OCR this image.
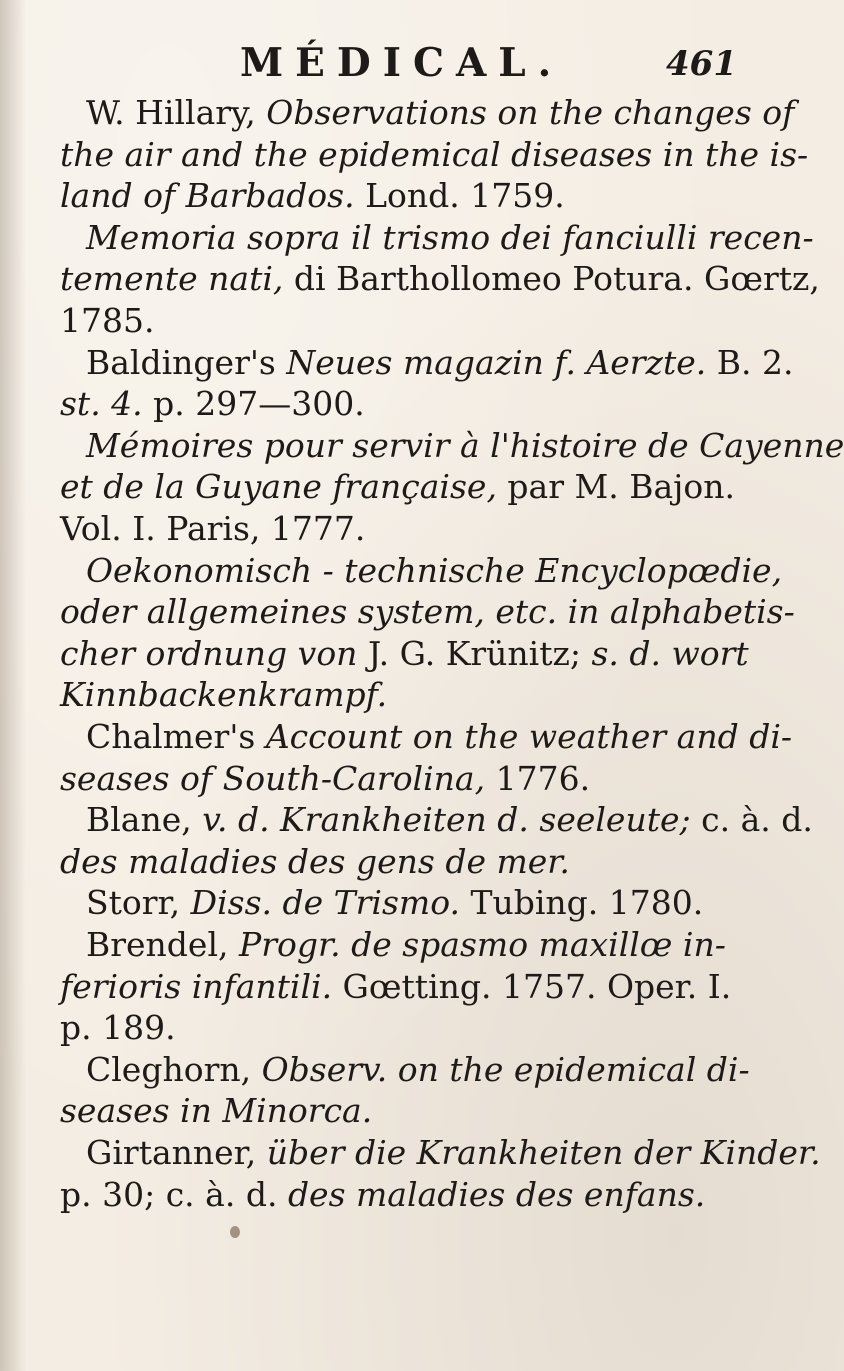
MÉDICAL.	461
W. Hillary, Observations on the changes of
the air and the epidemical diseases in the is-
land of Barbados. Lond. 1759.
Memoria sopra il trismo dei fanciulli recen-
temente nati, di Barthollomeo Potura. Gœrtz,
1785.
Baldinger's Neues magazin f. Aerzte. B. 2.
st. 4. p. 297—300.
Mémoires pour servir à l'histoire de Cayenne
et de la Guyane française, par M. Bajon.
Vol. I. Paris, 1777.
Oekonomisch - technische Encyclopœdie,
oder allgemeines system, etc. in alphabetis-
cher ordnung von J. G. Krünitz; s. d. wort
Kinnbackenkrampf.
Chalmer's Account on the weather and di-
seases of South-Carolina, 1776.
Blane, v. d. Krankheiten d. seeleute; c. à. d.
des maladies des gens de mer.
Storr, Diss. de Trismo. Tubing. 1780.
Brendel, Progr. de spasmo maxillœ in-
ferioris infantili. Gœtting. 1757. Oper. I.
p. 189.
Cleghorn, Observ. on the epidemical di-
seases in Minorca.
Girtanner, über die Krankheiten der Kinder.
p. 30; c. à. d. des maladies des enfans.
